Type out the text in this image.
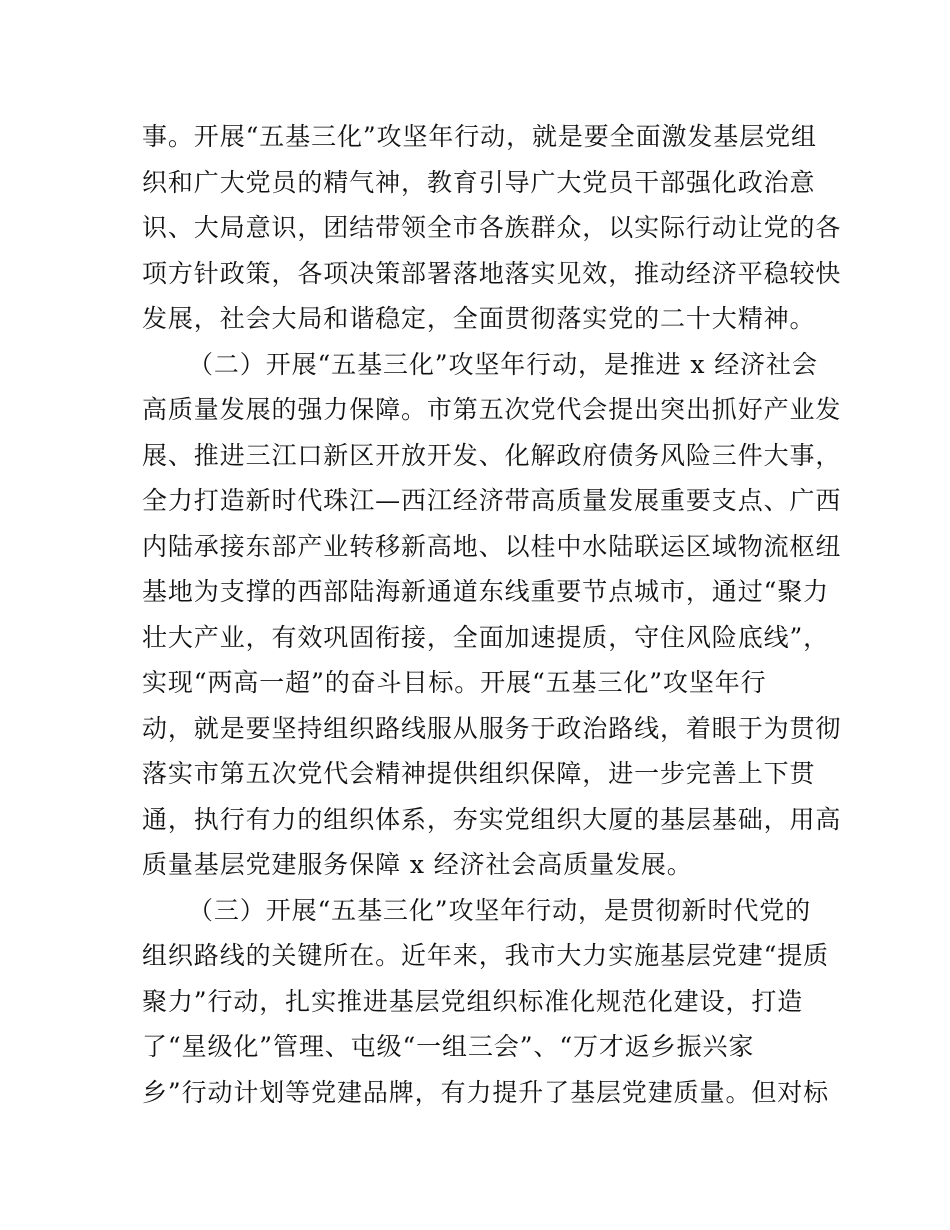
事。开展“五基三化”攻坚年行动，就是要全面激发基层党组
织和广大党员的精气神，教育引导广大党员干部强化政治意
识、大局意识，团结带领全市各族群众，以实际行动让党的各
项方针政策，各项决策部署落地落实见效，推动经济平稳较快
发展，社会大局和谐稳定，全面贯彻落实党的二十大精神。
（二）开展“五基三化”攻坚年行动，是推进 x 经济社会
高质量发展的强力保障。市第五次党代会提出突出抓好产业发
展、推进三江口新区开放开发、化解政府债务风险三件大事，
全力打造新时代珠江—西江经济带高质量发展重要支点、广西
内陆承接东部产业转移新高地、以桂中水陆联运区域物流枢纽
基地为支撑的西部陆海新通道东线重要节点城市，通过“聚力
壮大产业，有效巩固衔接，全面加速提质，守住风险底线”，
实现“两高一超”的奋斗目标。开展“五基三化”攻坚年行
动，就是要坚持组织路线服从服务于政治路线，着眼于为贯彻
落实市第五次党代会精神提供组织保障，进一步完善上下贯
通，执行有力的组织体系，夯实党组织大厦的基层基础，用高
质量基层党建服务保障 x 经济社会高质量发展。
（三）开展“五基三化”攻坚年行动，是贯彻新时代党的
组织路线的关键所在。近年来，我市大力实施基层党建“提质
聚力”行动，扎实推进基层党组织标准化规范化建设，打造
了“星级化”管理、屯级“一组三会”、“万才返乡振兴家
乡”行动计划等党建品牌，有力提升了基层党建质量。但对标
